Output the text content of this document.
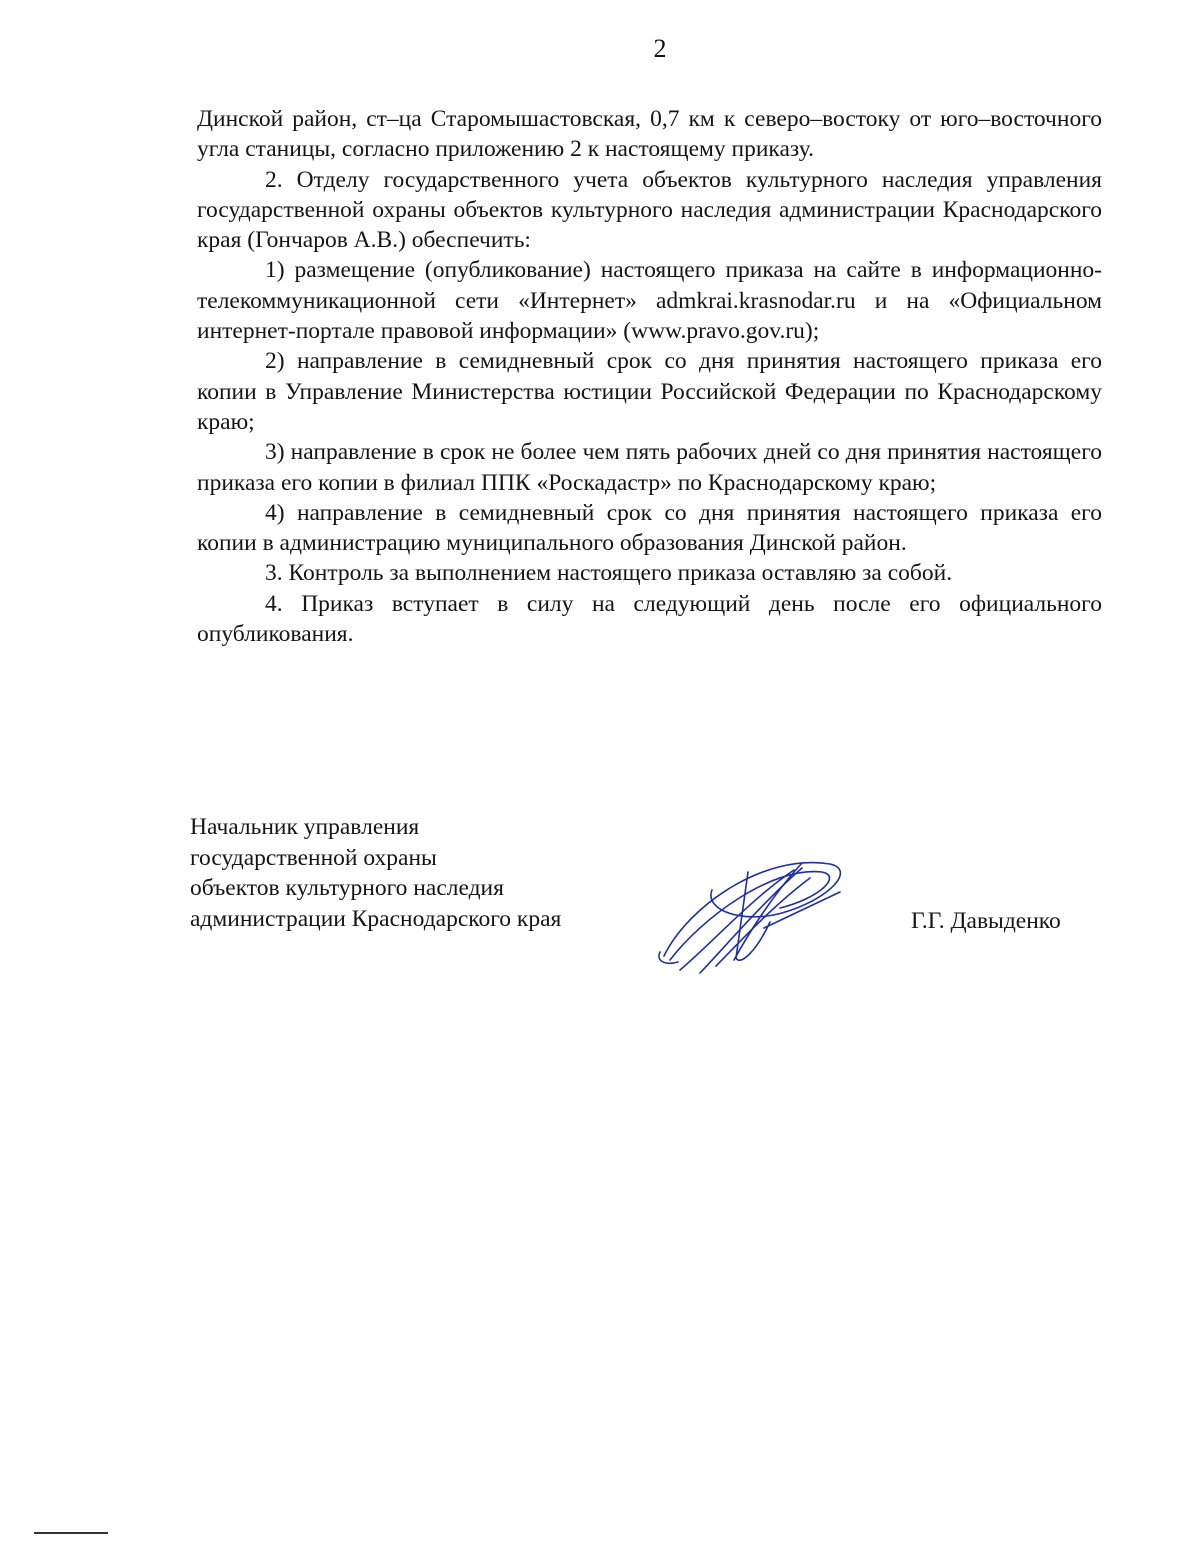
2

Динской район, ст–ца Старомышастовская, 0,7 км к северо–востоку от юго–восточного угла станицы, согласно приложению 2 к настоящему приказу.

2. Отделу государственного учета объектов культурного наследия управления государственной охраны объектов культурного наследия администрации Краснодарского края (Гончаров А.В.) обеспечить:

1) размещение (опубликование) настоящего приказа на сайте в информационно-телекоммуникационной сети «Интернет» admkrai.krasnodar.ru и на «Официальном интернет-портале правовой информации» (www.pravo.gov.ru);

2) направление в семидневный срок со дня принятия настоящего приказа его копии в Управление Министерства юстиции Российской Федерации по Краснодарскому краю;

3) направление в срок не более чем пять рабочих дней со дня принятия настоящего приказа его копии в филиал ППК «Роскадастр» по Краснодарскому краю;

4) направление в семидневный срок со дня принятия настоящего приказа его копии в администрацию муниципального образования Динской район.

3. Контроль за выполнением настоящего приказа оставляю за собой.

4. Приказ вступает в силу на следующий день после его официального опубликования.

Начальник управления
государственной охраны
объектов культурного наследия
администрации Краснодарского края	Г.Г. Давыденко
